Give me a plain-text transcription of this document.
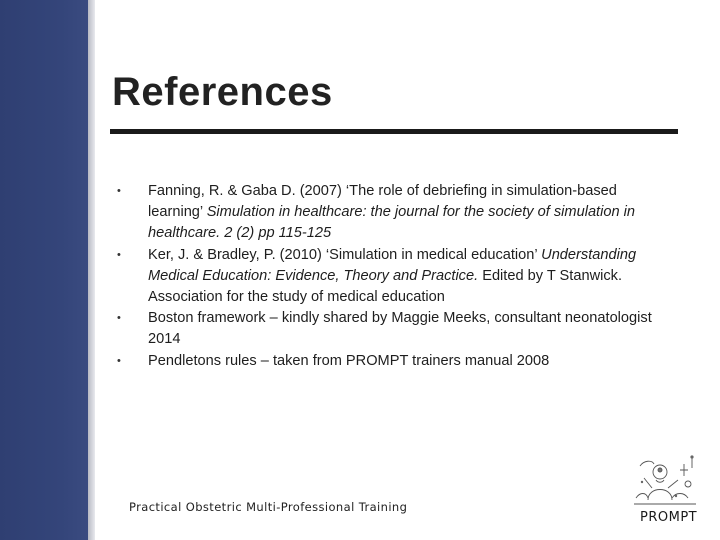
References
• Fanning, R. & Gaba D. (2007) ‘The role of debriefing in simulation-based learning’ Simulation in healthcare: the journal for the society of simulation in healthcare. 2 (2) pp 115-125
• Ker, J. & Bradley, P. (2010) ‘Simulation in medical education’ Understanding Medical Education: Evidence, Theory and Practice. Edited by T Stanwick. Association for the study of medical education
• Boston framework – kindly shared by Maggie Meeks, consultant neonatologist 2014
• Pendletons rules – taken from PROMPT trainers manual 2008
Practical Obstetric Multi-Professional Training
PROMPT
